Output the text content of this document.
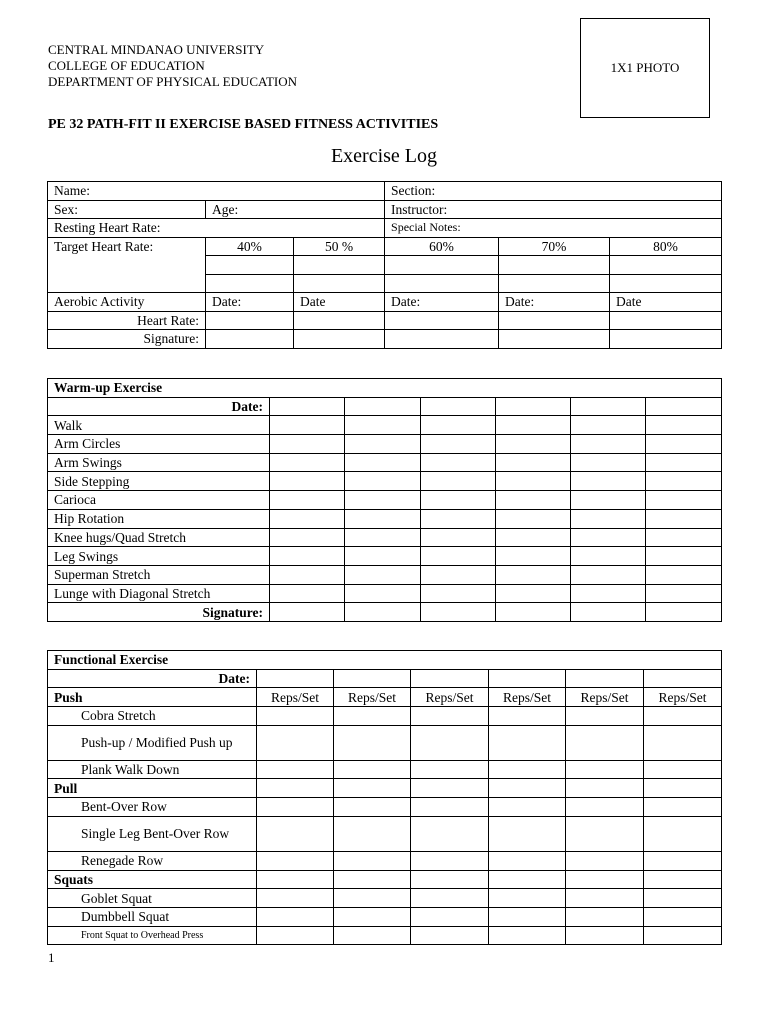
CENTRAL MINDANAO UNIVERSITY
COLLEGE OF EDUCATION
DEPARTMENT OF PHYSICAL EDUCATION
1X1 PHOTO
PE 32 PATH-FIT II EXERCISE BASED FITNESS ACTIVITIES
Exercise Log
Name:			Section:		
Sex:	Age:		Instructor:		
Resting Heart Rate:			Special Notes:		
Target Heart Rate:	40%	50 %	60%	70%	80%

Aerobic Activity	Date:	Date	Date:	Date:	Date
Heart Rate:					
Signature:					
Warm-up Exercise						
Date:						
Walk						
Arm Circles						
Arm Swings						
Side Stepping						
Carioca						
Hip Rotation						
Knee hugs/Quad Stretch						
Leg Swings						
Superman Stretch						
Lunge with Diagonal Stretch						
Signature:						
Functional Exercise						
Date:						
Push	Reps/Set	Reps/Set	Reps/Set	Reps/Set	Reps/Set	Reps/Set
Cobra Stretch						
Push-up / Modified Push up						
Plank Walk Down						
Pull						
Bent-Over Row						
Single Leg Bent-Over Row						
Renegade Row						
Squats						
Goblet Squat						
Dumbbell Squat						
Front Squat to Overhead Press						
1
